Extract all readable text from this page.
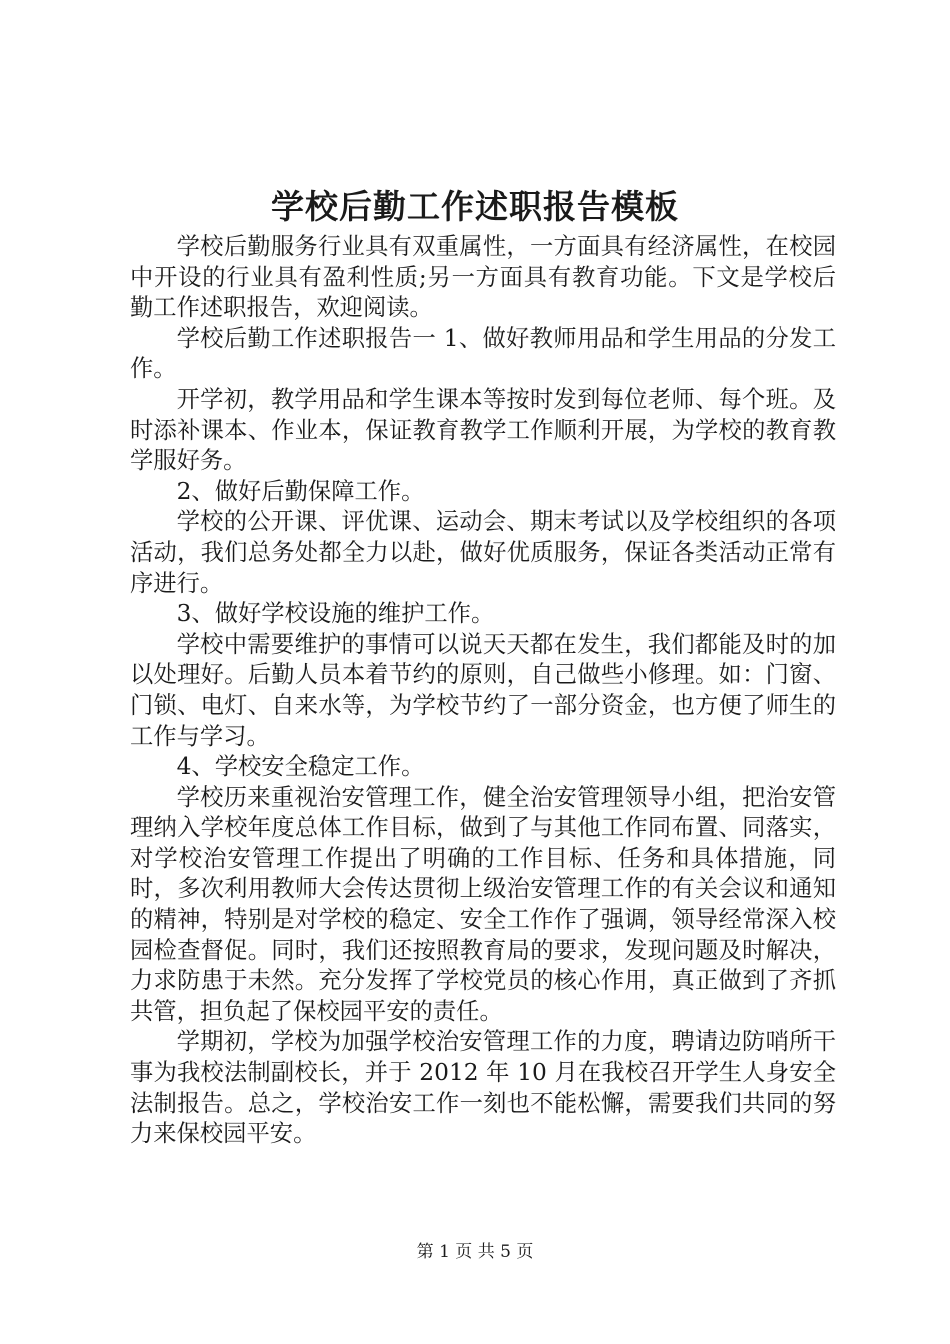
学校后勤工作述职报告模板

学校后勤服务行业具有双重属性，一方面具有经济属性，在校园中开设的行业具有盈利性质;另一方面具有教育功能。下文是学校后勤工作述职报告，欢迎阅读。

学校后勤工作述职报告一 1、做好教师用品和学生用品的分发工作。

开学初，教学用品和学生课本等按时发到每位老师、每个班。及时添补课本、作业本，保证教育教学工作顺利开展，为学校的教育教学服好务。

2、做好后勤保障工作。

学校的公开课、评优课、运动会、期末考试以及学校组织的各项活动，我们总务处都全力以赴，做好优质服务，保证各类活动正常有序进行。

3、做好学校设施的维护工作。

学校中需要维护的事情可以说天天都在发生，我们都能及时的加以处理好。后勤人员本着节约的原则，自己做些小修理。如：门窗、门锁、电灯、自来水等，为学校节约了一部分资金，也方便了师生的工作与学习。

4、学校安全稳定工作。

学校历来重视治安管理工作，健全治安管理领导小组，把治安管理纳入学校年度总体工作目标，做到了与其他工作同布置、同落实，对学校治安管理工作提出了明确的工作目标、任务和具体措施，同时，多次利用教师大会传达贯彻上级治安管理工作的有关会议和通知的精神，特别是对学校的稳定、安全工作作了强调，领导经常深入校园检查督促。同时，我们还按照教育局的要求，发现问题及时解决，力求防患于未然。充分发挥了学校党员的核心作用，真正做到了齐抓共管，担负起了保校园平安的责任。

学期初，学校为加强学校治安管理工作的力度，聘请边防哨所干事为我校法制副校长，并于 2012 年 10 月在我校召开学生人身安全法制报告。总之，学校治安工作一刻也不能松懈，需要我们共同的努力来保校园平安。

第 1 页 共 5 页
